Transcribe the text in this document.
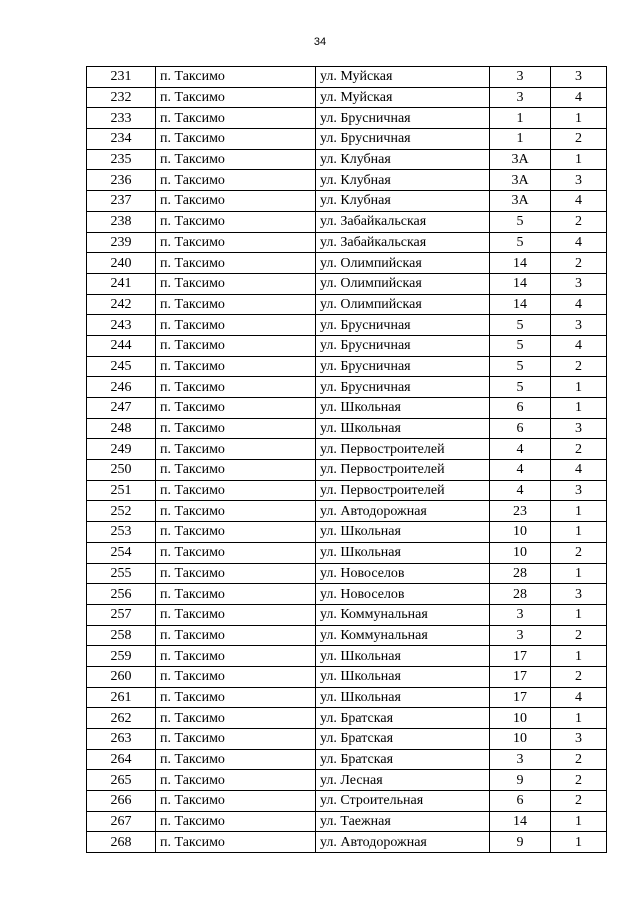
34
231	п. Таксимо	ул. Муйская	3	3
232	п. Таксимо	ул. Муйская	3	4
233	п. Таксимо	ул. Брусничная	1	1
234	п. Таксимо	ул. Брусничная	1	2
235	п. Таксимо	ул. Клубная	3А	1
236	п. Таксимо	ул. Клубная	3А	3
237	п. Таксимо	ул. Клубная	3А	4
238	п. Таксимо	ул. Забайкальская	5	2
239	п. Таксимо	ул. Забайкальская	5	4
240	п. Таксимо	ул. Олимпийская	14	2
241	п. Таксимо	ул. Олимпийская	14	3
242	п. Таксимо	ул. Олимпийская	14	4
243	п. Таксимо	ул. Брусничная	5	3
244	п. Таксимо	ул. Брусничная	5	4
245	п. Таксимо	ул. Брусничная	5	2
246	п. Таксимо	ул. Брусничная	5	1
247	п. Таксимо	ул. Школьная	6	1
248	п. Таксимо	ул. Школьная	6	3
249	п. Таксимо	ул. Первостроителей	4	2
250	п. Таксимо	ул. Первостроителей	4	4
251	п. Таксимо	ул. Первостроителей	4	3
252	п. Таксимо	ул. Автодорожная	23	1
253	п. Таксимо	ул. Школьная	10	1
254	п. Таксимо	ул. Школьная	10	2
255	п. Таксимо	ул. Новоселов	28	1
256	п. Таксимо	ул. Новоселов	28	3
257	п. Таксимо	ул. Коммунальная	3	1
258	п. Таксимо	ул. Коммунальная	3	2
259	п. Таксимо	ул. Школьная	17	1
260	п. Таксимо	ул. Школьная	17	2
261	п. Таксимо	ул. Школьная	17	4
262	п. Таксимо	ул. Братская	10	1
263	п. Таксимо	ул. Братская	10	3
264	п. Таксимо	ул. Братская	3	2
265	п. Таксимо	ул. Лесная	9	2
266	п. Таксимо	ул. Строительная	6	2
267	п. Таксимо	ул. Таежная	14	1
268	п. Таксимо	ул. Автодорожная	9	1
